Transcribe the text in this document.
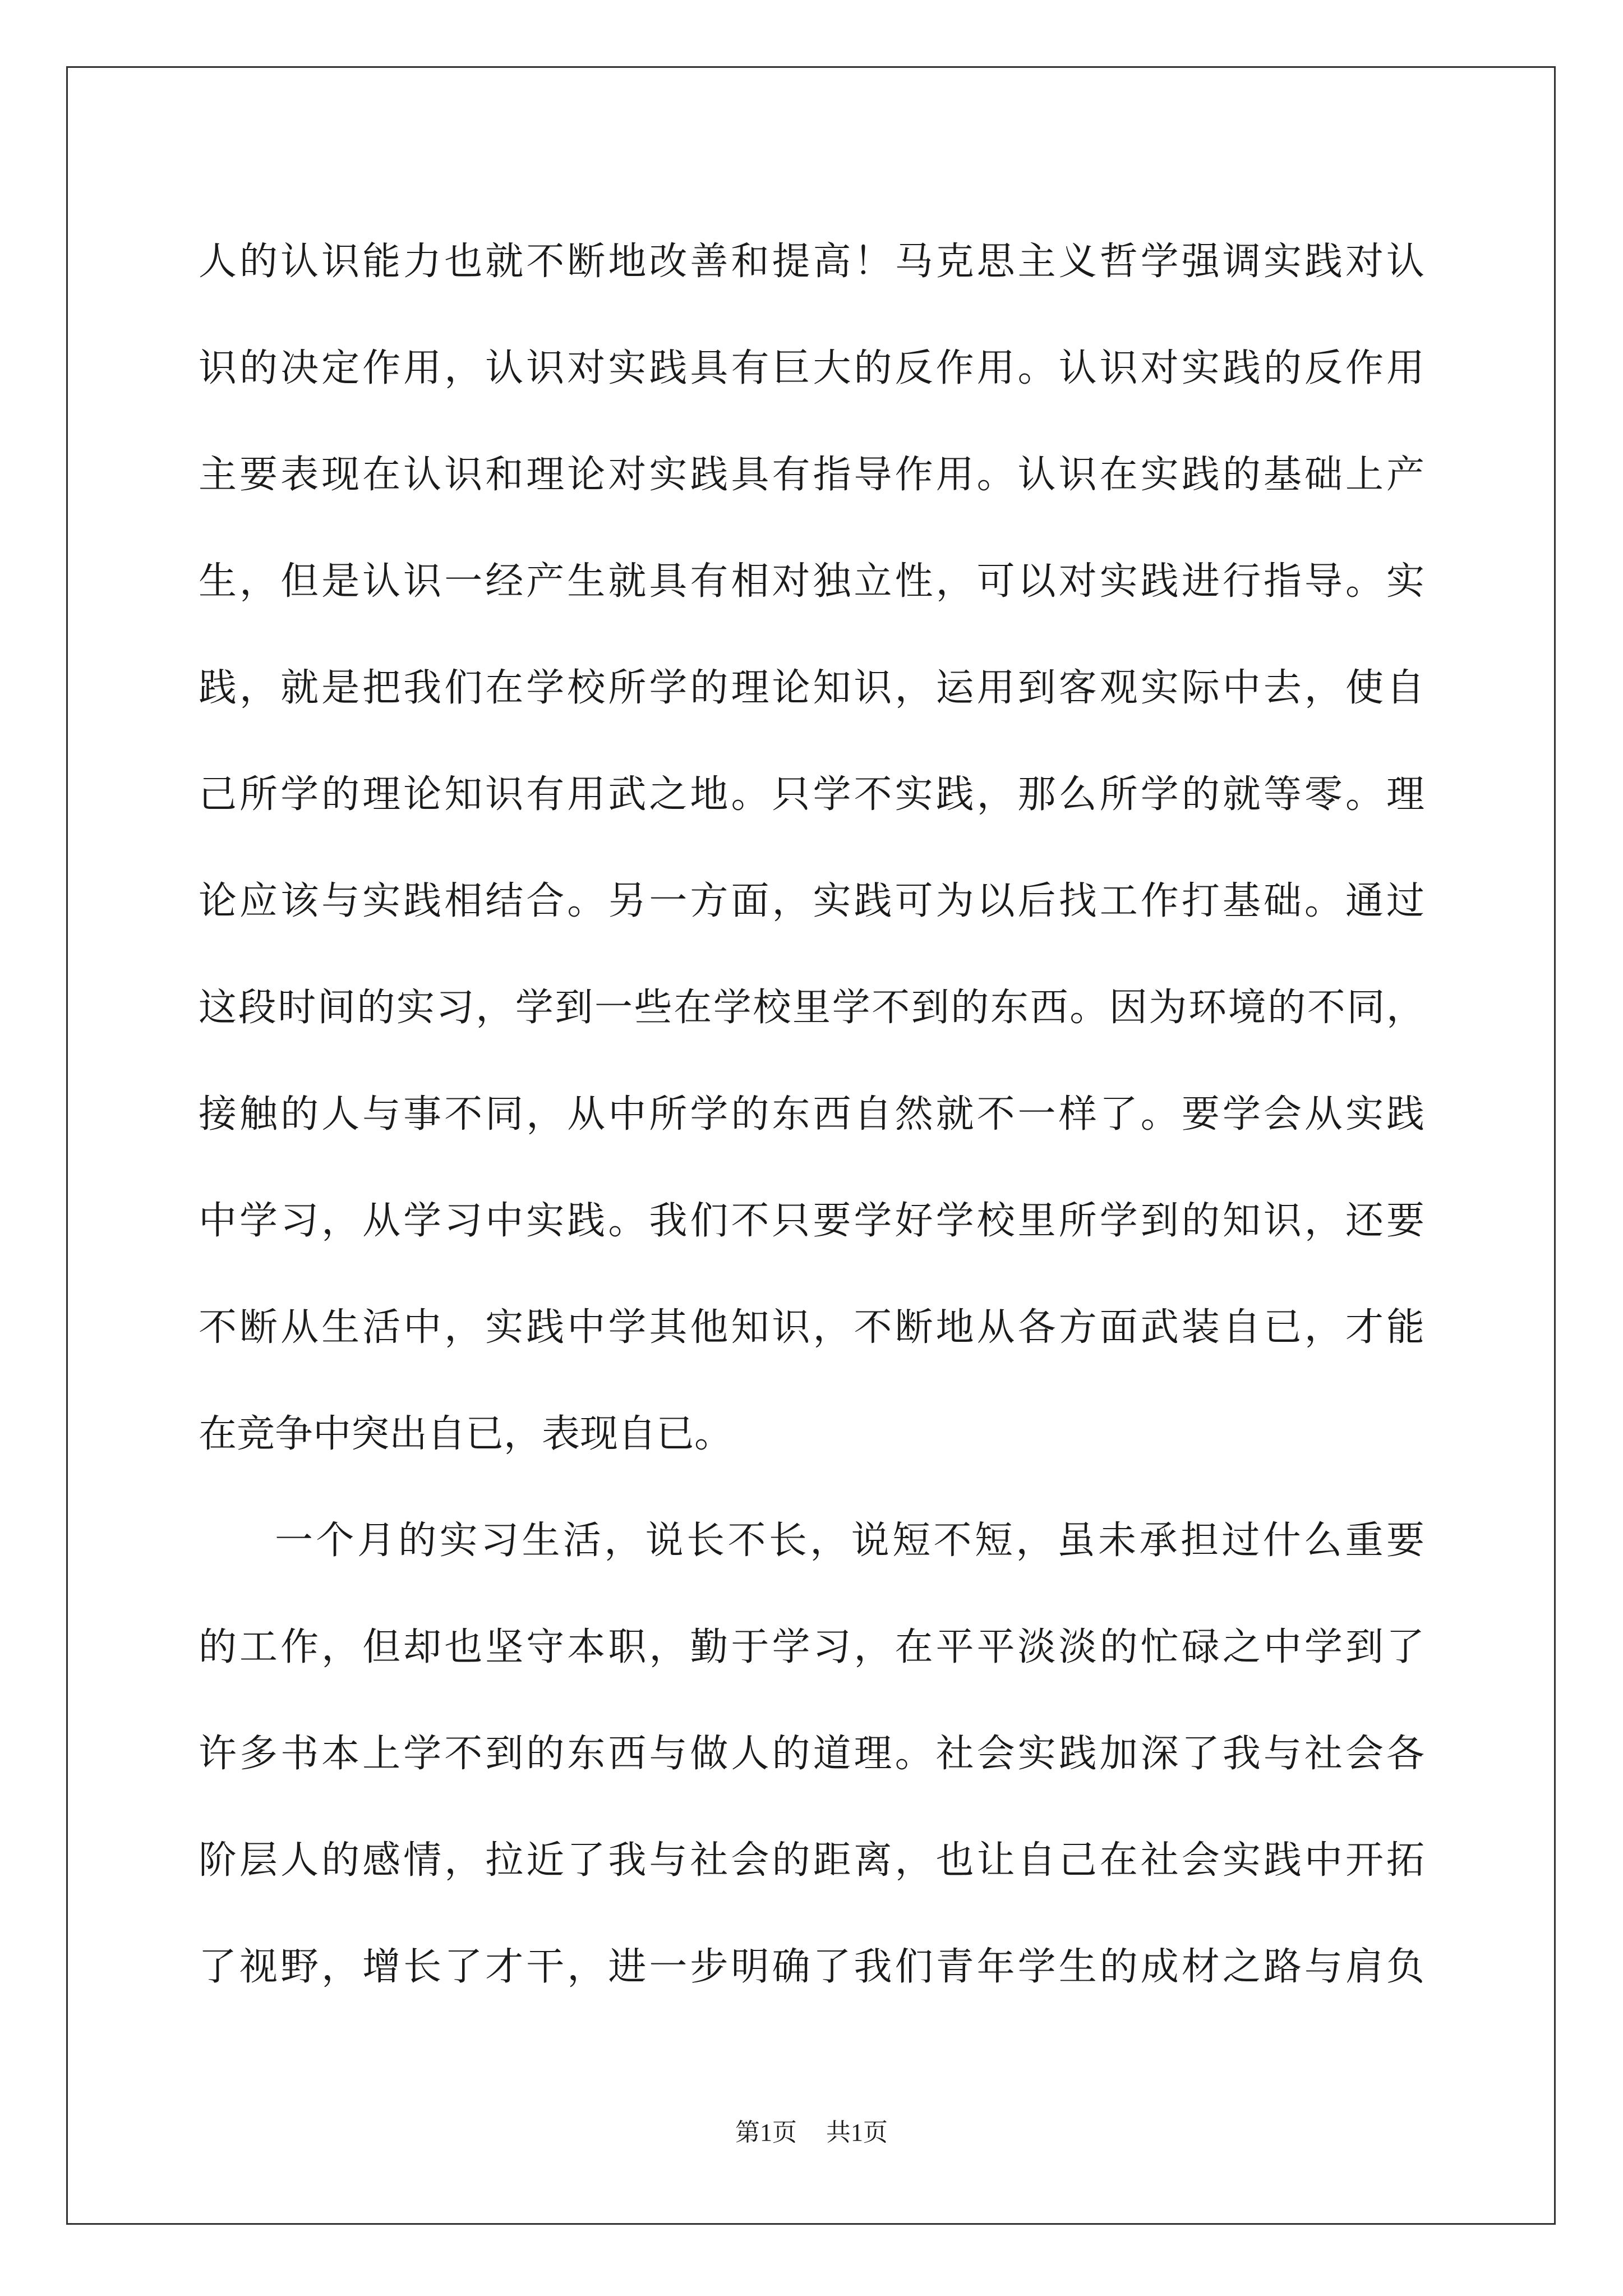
人的认识能力也就不断地改善和提高！马克思主义哲学强调实践对认
识的决定作用，认识对实践具有巨大的反作用。认识对实践的反作用
主要表现在认识和理论对实践具有指导作用。认识在实践的基础上产
生，但是认识一经产生就具有相对独立性，可以对实践进行指导。实
践，就是把我们在学校所学的理论知识，运用到客观实际中去，使自
己所学的理论知识有用武之地。只学不实践，那么所学的就等零。理
论应该与实践相结合。另一方面，实践可为以后找工作打基础。通过
这段时间的实习，学到一些在学校里学不到的东西。因为环境的不同，
接触的人与事不同，从中所学的东西自然就不一样了。要学会从实践
中学习，从学习中实践。我们不只要学好学校里所学到的知识，还要
不断从生活中，实践中学其他知识，不断地从各方面武装自已，才能
在竞争中突出自已，表现自已。
一个月的实习生活，说长不长，说短不短，虽未承担过什么重要
的工作，但却也坚守本职，勤于学习，在平平淡淡的忙碌之中学到了
许多书本上学不到的东西与做人的道理。社会实践加深了我与社会各
阶层人的感情，拉近了我与社会的距离，也让自己在社会实践中开拓
了视野，增长了才干，进一步明确了我们青年学生的成材之路与肩负
第1页 共1页
